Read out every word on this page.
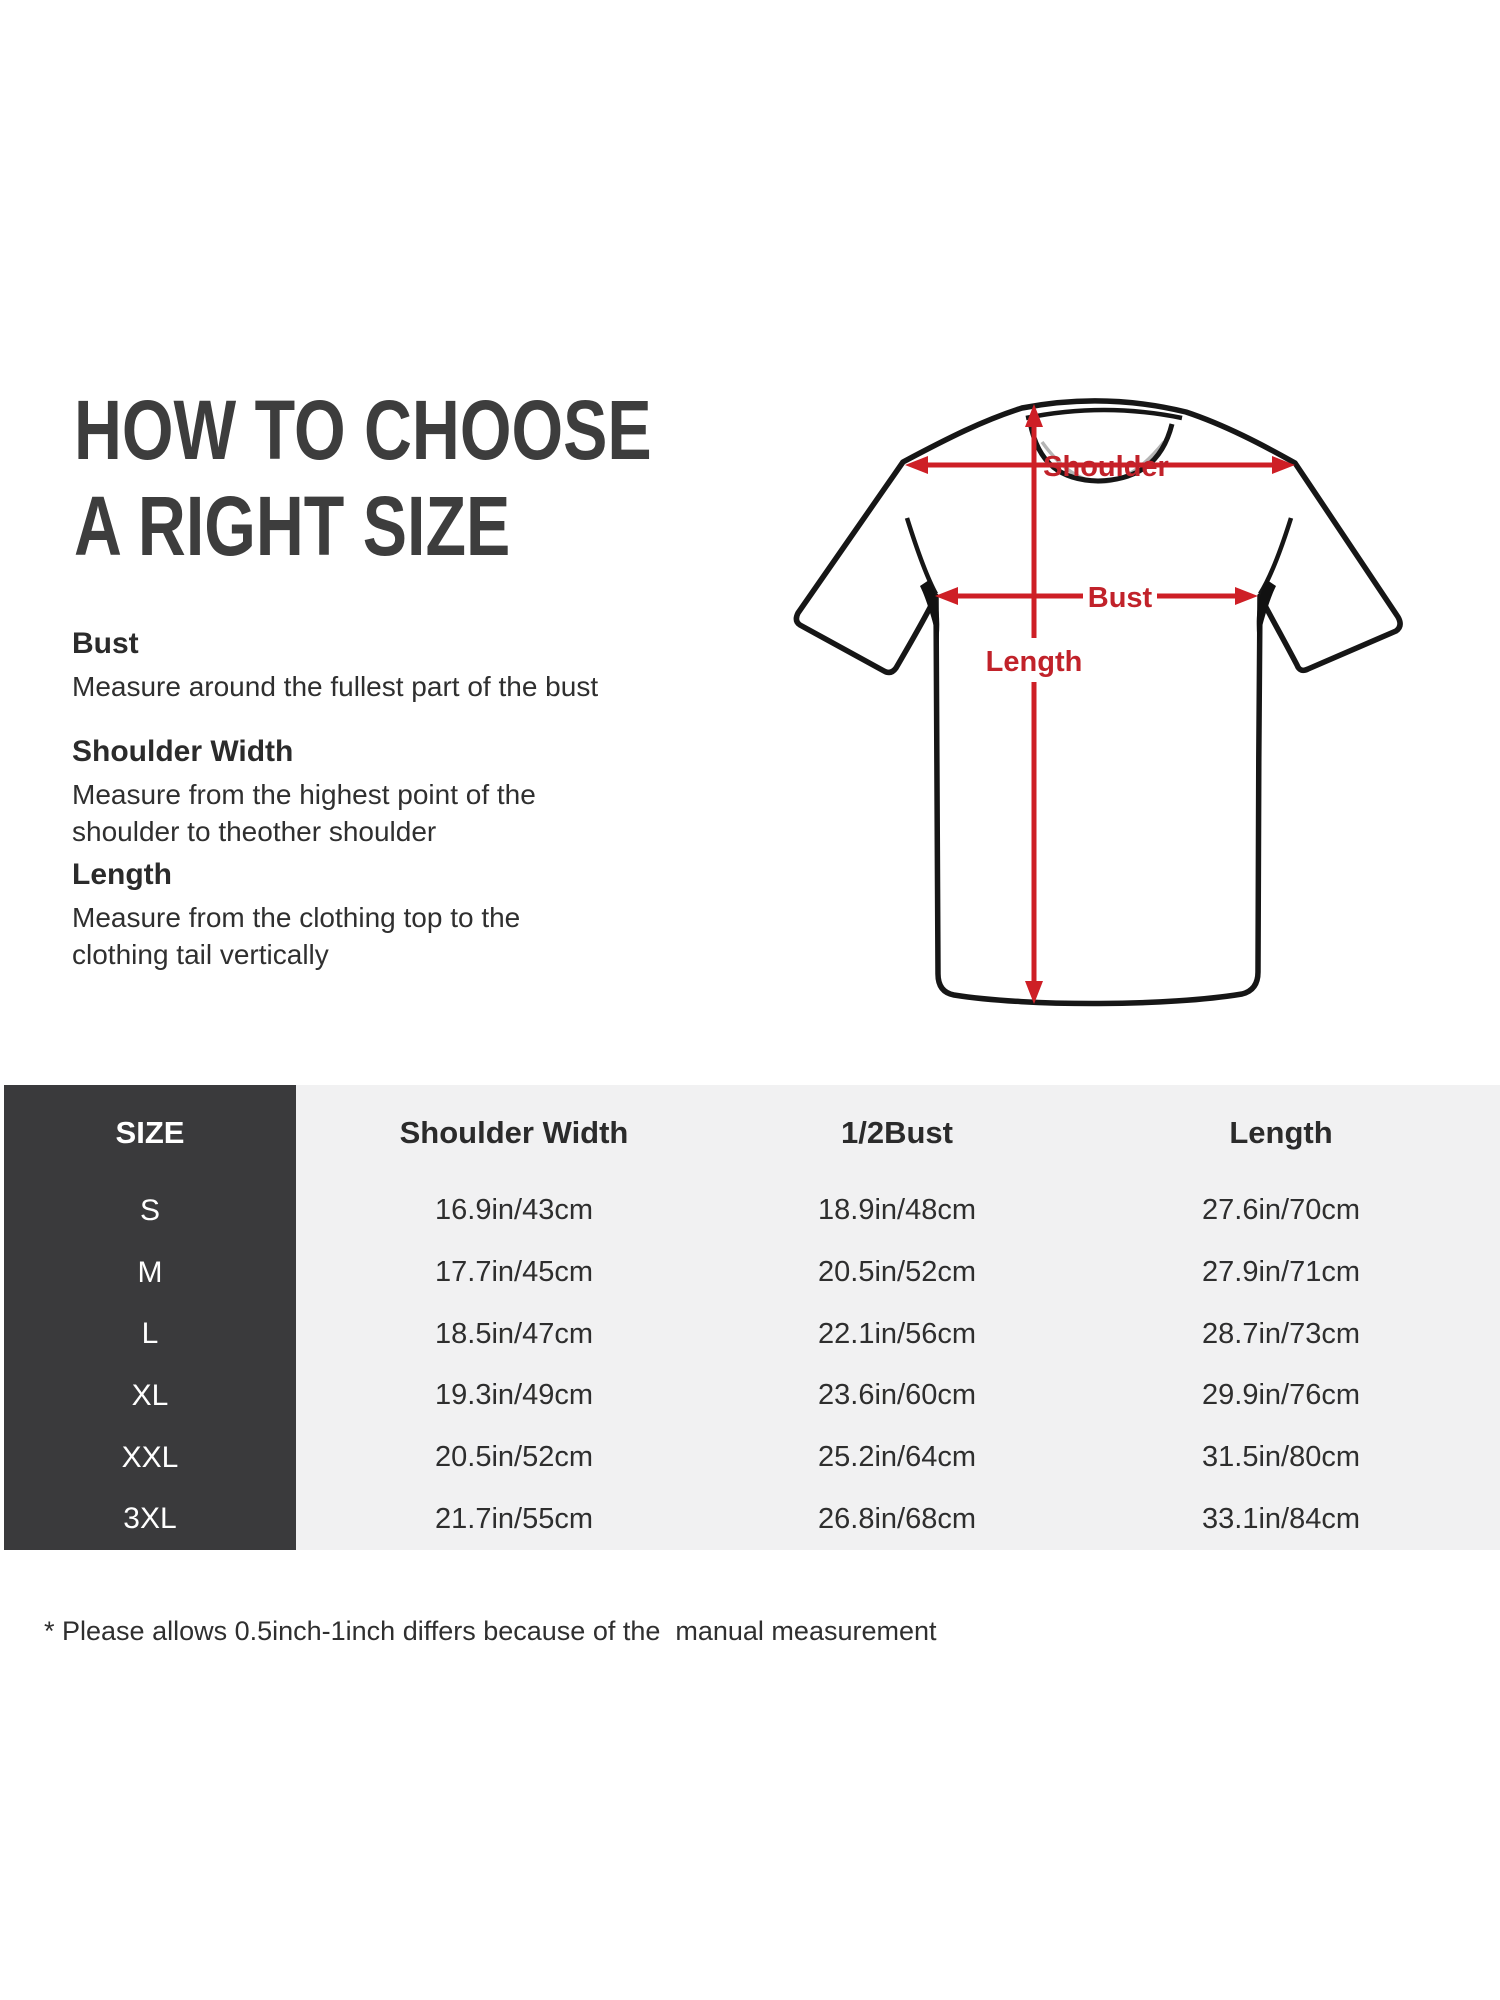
HOW TO CHOOSE
A RIGHT SIZE
Bust
Measure around the fullest part of the bust
Shoulder Width
Measure from the highest point of the
shoulder to theother shoulder
Length
Measure from the clothing top to the
clothing tail vertically
Shoulder
Bust
Length
SIZE	Shoulder Width	1/2Bust	Length
S	16.9in/43cm	18.9in/48cm	27.6in/70cm
M	17.7in/45cm	20.5in/52cm	27.9in/71cm
L	18.5in/47cm	22.1in/56cm	28.7in/73cm
XL	19.3in/49cm	23.6in/60cm	29.9in/76cm
XXL	20.5in/52cm	25.2in/64cm	31.5in/80cm
3XL	21.7in/55cm	26.8in/68cm	33.1in/84cm

* Please allows 0.5inch-1inch differs because of the  manual measurement
